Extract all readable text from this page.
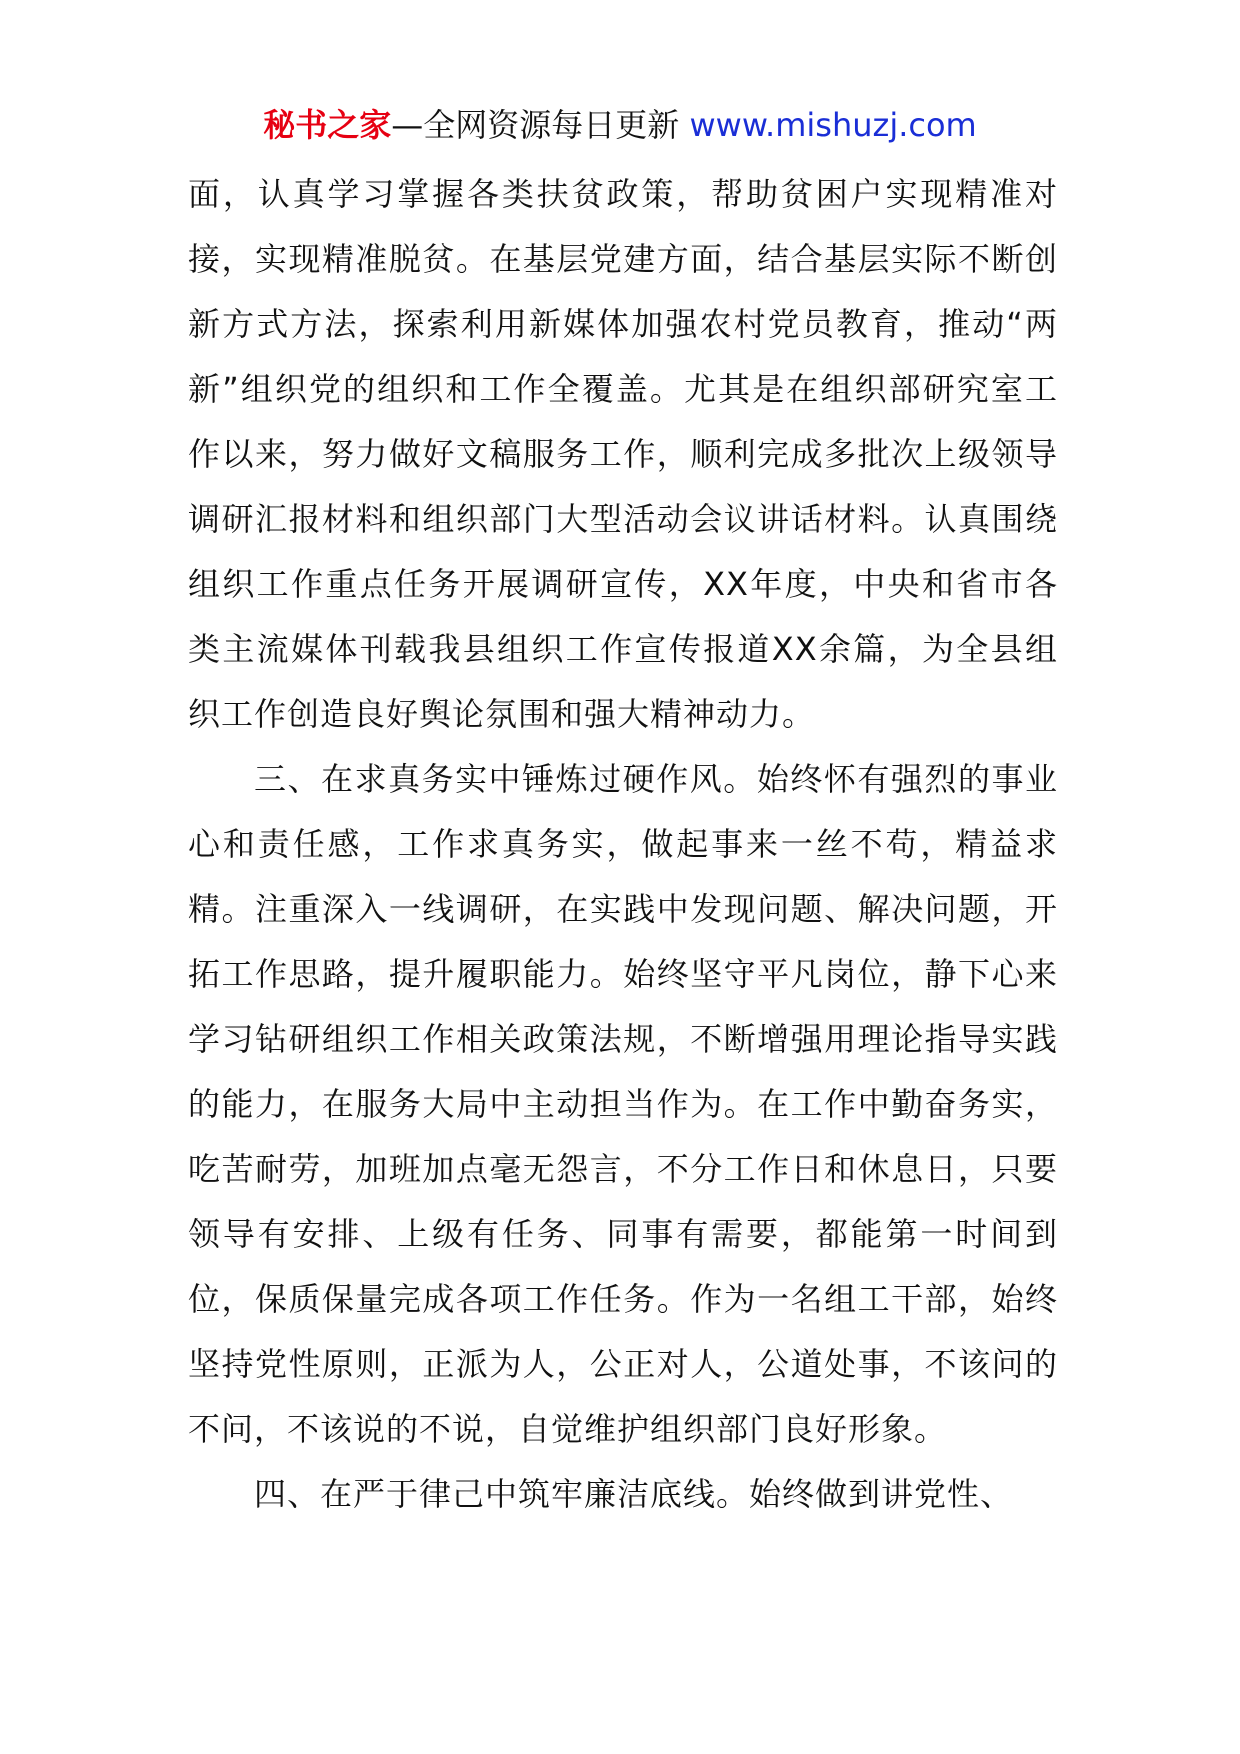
秘书之家—全网资源每日更新 www.mishuzj.com

面，认真学习掌握各类扶贫政策，帮助贫困户实现精准对接，实现精准脱贫。在基层党建方面，结合基层实际不断创新方式方法，探索利用新媒体加强农村党员教育，推动“两新”组织党的组织和工作全覆盖。尤其是在组织部研究室工作以来，努力做好文稿服务工作，顺利完成多批次上级领导调研汇报材料和组织部门大型活动会议讲话材料。认真围绕组织工作重点任务开展调研宣传，XX年度，中央和省市各类主流媒体刊载我县组织工作宣传报道XX余篇，为全县组织工作创造良好舆论氛围和强大精神动力。

三、在求真务实中锤炼过硬作风。始终怀有强烈的事业心和责任感，工作求真务实，做起事来一丝不苟，精益求精。注重深入一线调研，在实践中发现问题、解决问题，开拓工作思路，提升履职能力。始终坚守平凡岗位，静下心来学习钻研组织工作相关政策法规，不断增强用理论指导实践的能力，在服务大局中主动担当作为。在工作中勤奋务实，吃苦耐劳，加班加点毫无怨言，不分工作日和休息日，只要领导有安排、上级有任务、同事有需要，都能第一时间到位，保质保量完成各项工作任务。作为一名组工干部，始终坚持党性原则，正派为人，公正对人，公道处事，不该问的不问，不该说的不说，自觉维护组织部门良好形象。

四、在严于律己中筑牢廉洁底线。始终做到讲党性、
